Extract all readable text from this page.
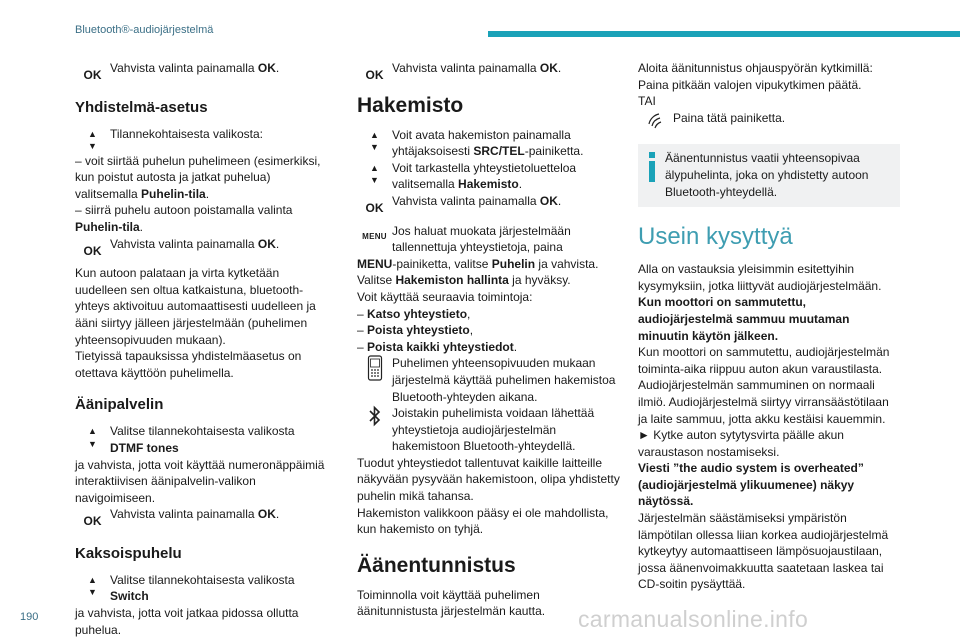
Bluetooth®-audiojärjestelmä
OK Vahvista valinta painamalla OK.

Yhdistelmä-asetus
▲
▼

Tilannekohtaisesta valikosta:

– voit siirtää puhelun puhelimeen (esimerkiksi, kun poistut autosta ja jatkat puhelua) valitsemalla Puhelin-tila.

– siirrä puhelu autoon poistamalla valinta Puhelin-tila.

OK Vahvista valinta painamalla OK.

Kun autoon palataan ja virta kytketään uudelleen sen oltua katkaistuna, bluetooth-yhteys aktivoituu automaattisesti uudelleen ja ääni siirtyy jälleen järjestelmään (puhelimen yhteensopivuuden mukaan).

Tietyissä tapauksissa yhdistelmäasetus on otettava käyttöön puhelimella.

Äänipalvelin
▲
▼

Valitse tilannekohtaisesta valikosta DTMF tones

ja vahvista, jotta voit käyttää numeronäppäimiä interaktiivisen äänipalvelin-valikon navigoimiseen.

OK Vahvista valinta painamalla OK.

Kaksoispuhelu
▲
▼

Valitse tilannekohtaisesta valikosta Switch

ja vahvista, jotta voit jatkaa pidossa ollutta puhelua.

OK Vahvista valinta painamalla OK.

Hakemisto
▲
▼

Voit avata hakemiston painamalla yhtäjaksoisesti SRC/TEL-painiketta.

▲
▼

Voit tarkastella yhteystietoluetteloa valitsemalla Hakemisto.

OK Vahvista valinta painamalla OK.

MENU Jos haluat muokata järjestelmään tallennettuja yhteystietoja, paina

MENU-painiketta, valitse Puhelin ja vahvista.

Valitse Hakemiston hallinta ja hyväksy.

Voit käyttää seuraavia toimintoja:

– Katso yhteystieto,

– Poista yhteystieto,

– Poista kaikki yhteystiedot.

Puhelimen yhteensopivuuden mukaan järjestelmä käyttää puhelimen hakemistoa Bluetooth-yhteyden aikana.

Joistakin puhelimista voidaan lähettää yhteystietoja audiojärjestelmän hakemistoon Bluetooth-yhteydellä.

Tuodut yhteystiedot tallentuvat kaikille laitteille näkyvään pysyvään hakemistoon, olipa yhdistetty puhelin mikä tahansa.

Hakemiston valikkoon pääsy ei ole mahdollista, kun hakemisto on tyhjä.

Äänentunnistus

Toiminnolla voit käyttää puhelimen äänitunnistusta järjestelmän kautta.

Aloita äänitunnistus ohjauspyörän kytkimillä:

Paina pitkään valojen vipukytkimen päätä.

TAI

Paina tätä painiketta.

Äänentunnistus vaatii yhteensopivaa älypuhelinta, joka on yhdistetty autoon Bluetooth-yhteydellä.

Usein kysyttyä

Alla on vastauksia yleisimmin esitettyihin kysymyksiin, jotka liittyvät audiojärjestelmään.

Kun moottori on sammutettu, audiojärjestelmä sammuu muutaman minuutin käytön jälkeen.

Kun moottori on sammutettu, audiojärjestelmän toiminta-aika riippuu auton akun varaustilasta. Audiojärjestelmän sammuminen on normaali ilmiö. Audiojärjestelmä siirtyy virransäästötilaan ja laite sammuu, jotta akku kestäisi kauemmin.

► Kytke auton sytytysvirta päälle akun varaustason nostamiseksi.

Viesti ”the audio system is overheated” (audiojärjestelmä ylikuumenee) näkyy näytössä.

Järjestelmän säästämiseksi ympäristön lämpötilan ollessa liian korkea audiojärjestelmä kytkeytyy automaattiseen lämpösuojaustilaan, jossa äänenvoimakkuutta saatetaan laskea tai CD-soitin pysäyttää.

190	carmanualsonline.info
